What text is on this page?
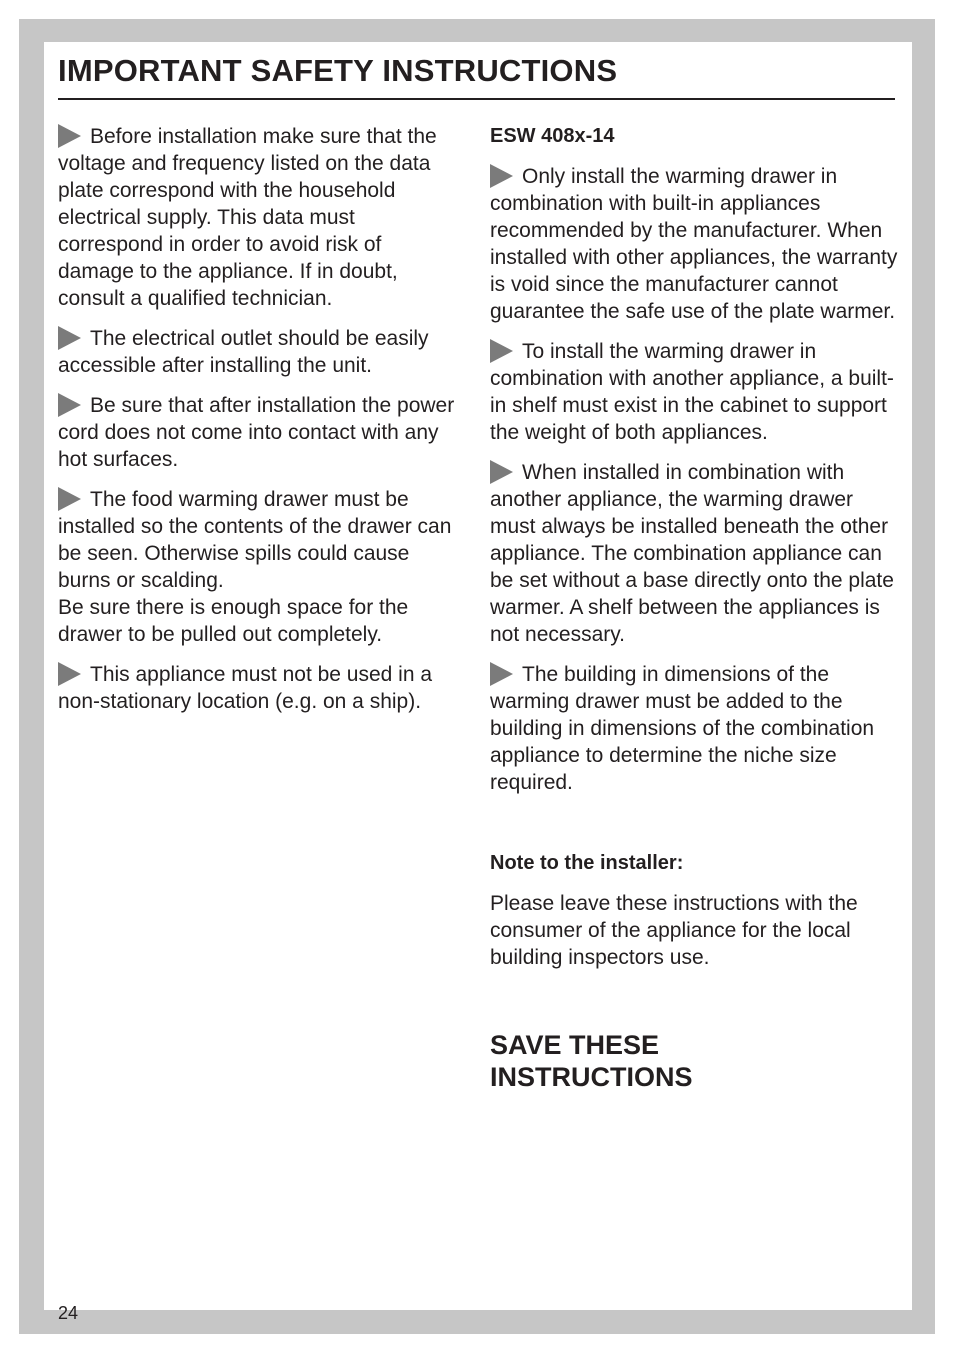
IMPORTANT SAFETY INSTRUCTIONS

Before installation make sure that the voltage and frequency listed on the data plate correspond with the household electrical supply. This data must correspond in order to avoid risk of damage to the appliance. If in doubt, consult a qualified technician.

The electrical outlet should be easily accessible after installing the unit.

Be sure that after installation the power cord does not come into contact with any hot surfaces.

The food warming drawer must be installed so the contents of the drawer can be seen. Otherwise spills could cause burns or scalding.
Be sure there is enough space for the drawer to be pulled out completely.

This appliance must not be used in a non-stationary location (e.g. on a ship).

ESW 408x-14

Only install the warming drawer in combination with built-in appliances recommended by the manufacturer. When installed with other appliances, the warranty is void since the manufacturer cannot guarantee the safe use of the plate warmer.

To install the warming drawer in combination with another appliance, a built-in shelf must exist in the cabinet to support the weight of both appliances.

When installed in combination with another appliance, the warming drawer must always be installed beneath the other appliance. The combination appliance can be set without a base directly onto the plate warmer. A shelf between the appliances is not necessary.

The building in dimensions of the warming drawer must be added to the building in dimensions of the combination appliance to determine the niche size required.

Note to the installer:

Please leave these instructions with the consumer of the appliance for the local building inspectors use.

SAVE THESE
INSTRUCTIONS
24
